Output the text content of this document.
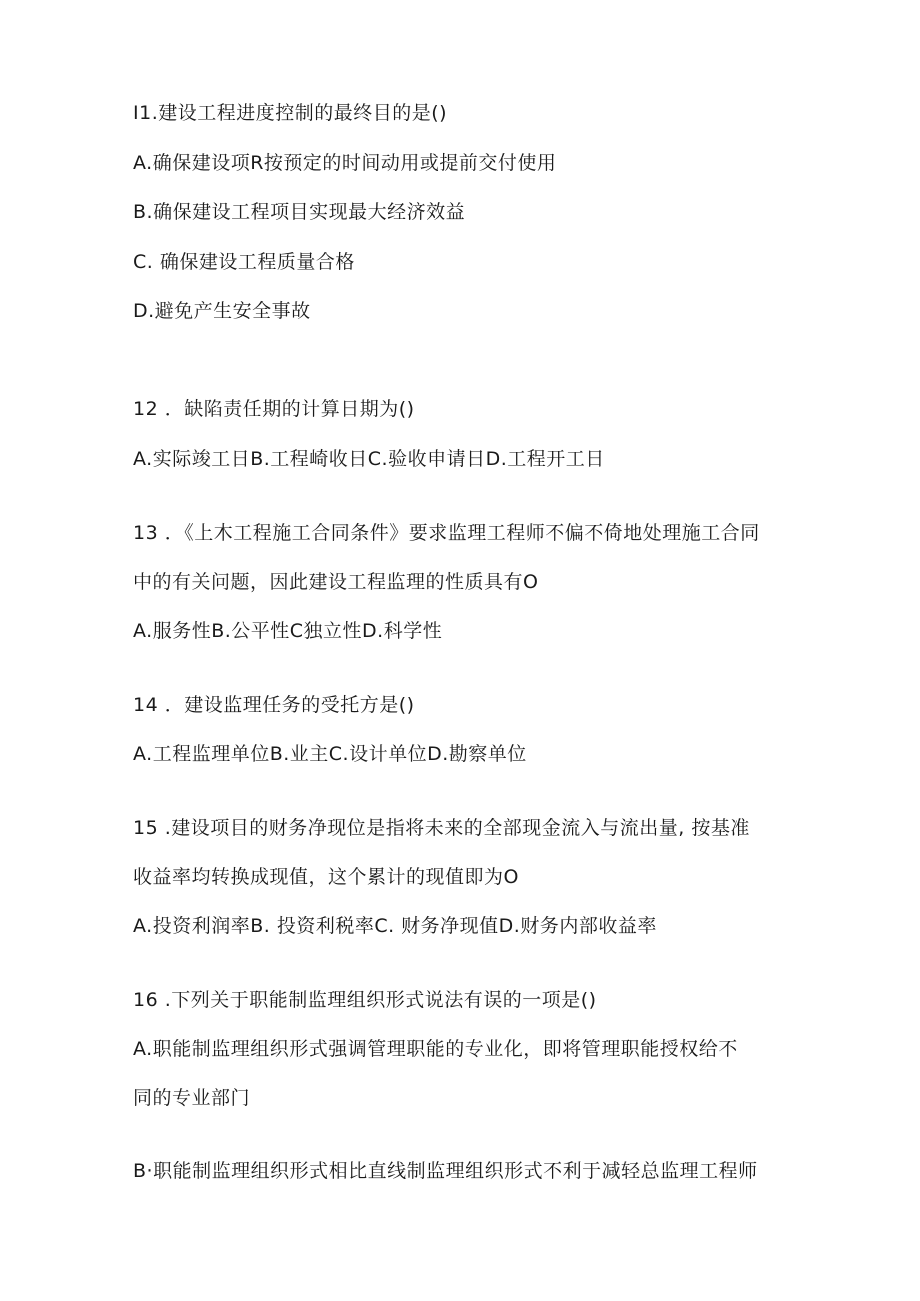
I1.建设工程进度控制的最终目的是()
A.确保建设项R按预定的时间动用或提前交付使用
B.确保建设工程项目实现最大经济效益
C. 确保建设工程质量合格
D.避免产生安全事故
12 ．缺陷责任期的计算日期为()
A.实际竣工日B.工程崎收日C.验收申请日D.工程开工日
13 ．《上木工程施工合同条件》要求监理工程师不偏不倚地处理施工合同
中的有关问题，因此建设工程监理的性质具有O
A.服务性B.公平性C独立性D.科学性
14 ．建设监理任务的受托方是()
A.工程监理单位B.业主C.设计单位D.勘察单位
15 .建设项目的财务净现位是指将未来的全部现金流入与流出量, 按基准
收益率均转换成现值，这个累计的现值即为O
A.投资利润率B. 投资利税率C. 财务净现值D.财务内部收益率
16 .下列关于职能制监理组织形式说法有误的一项是()
A.职能制监理组织形式强调管理职能的专业化，即将管理职能授权给不
同的专业部门
B·职能制监理组织形式相比直线制监理组织形式不利于减轻总监理工程师
